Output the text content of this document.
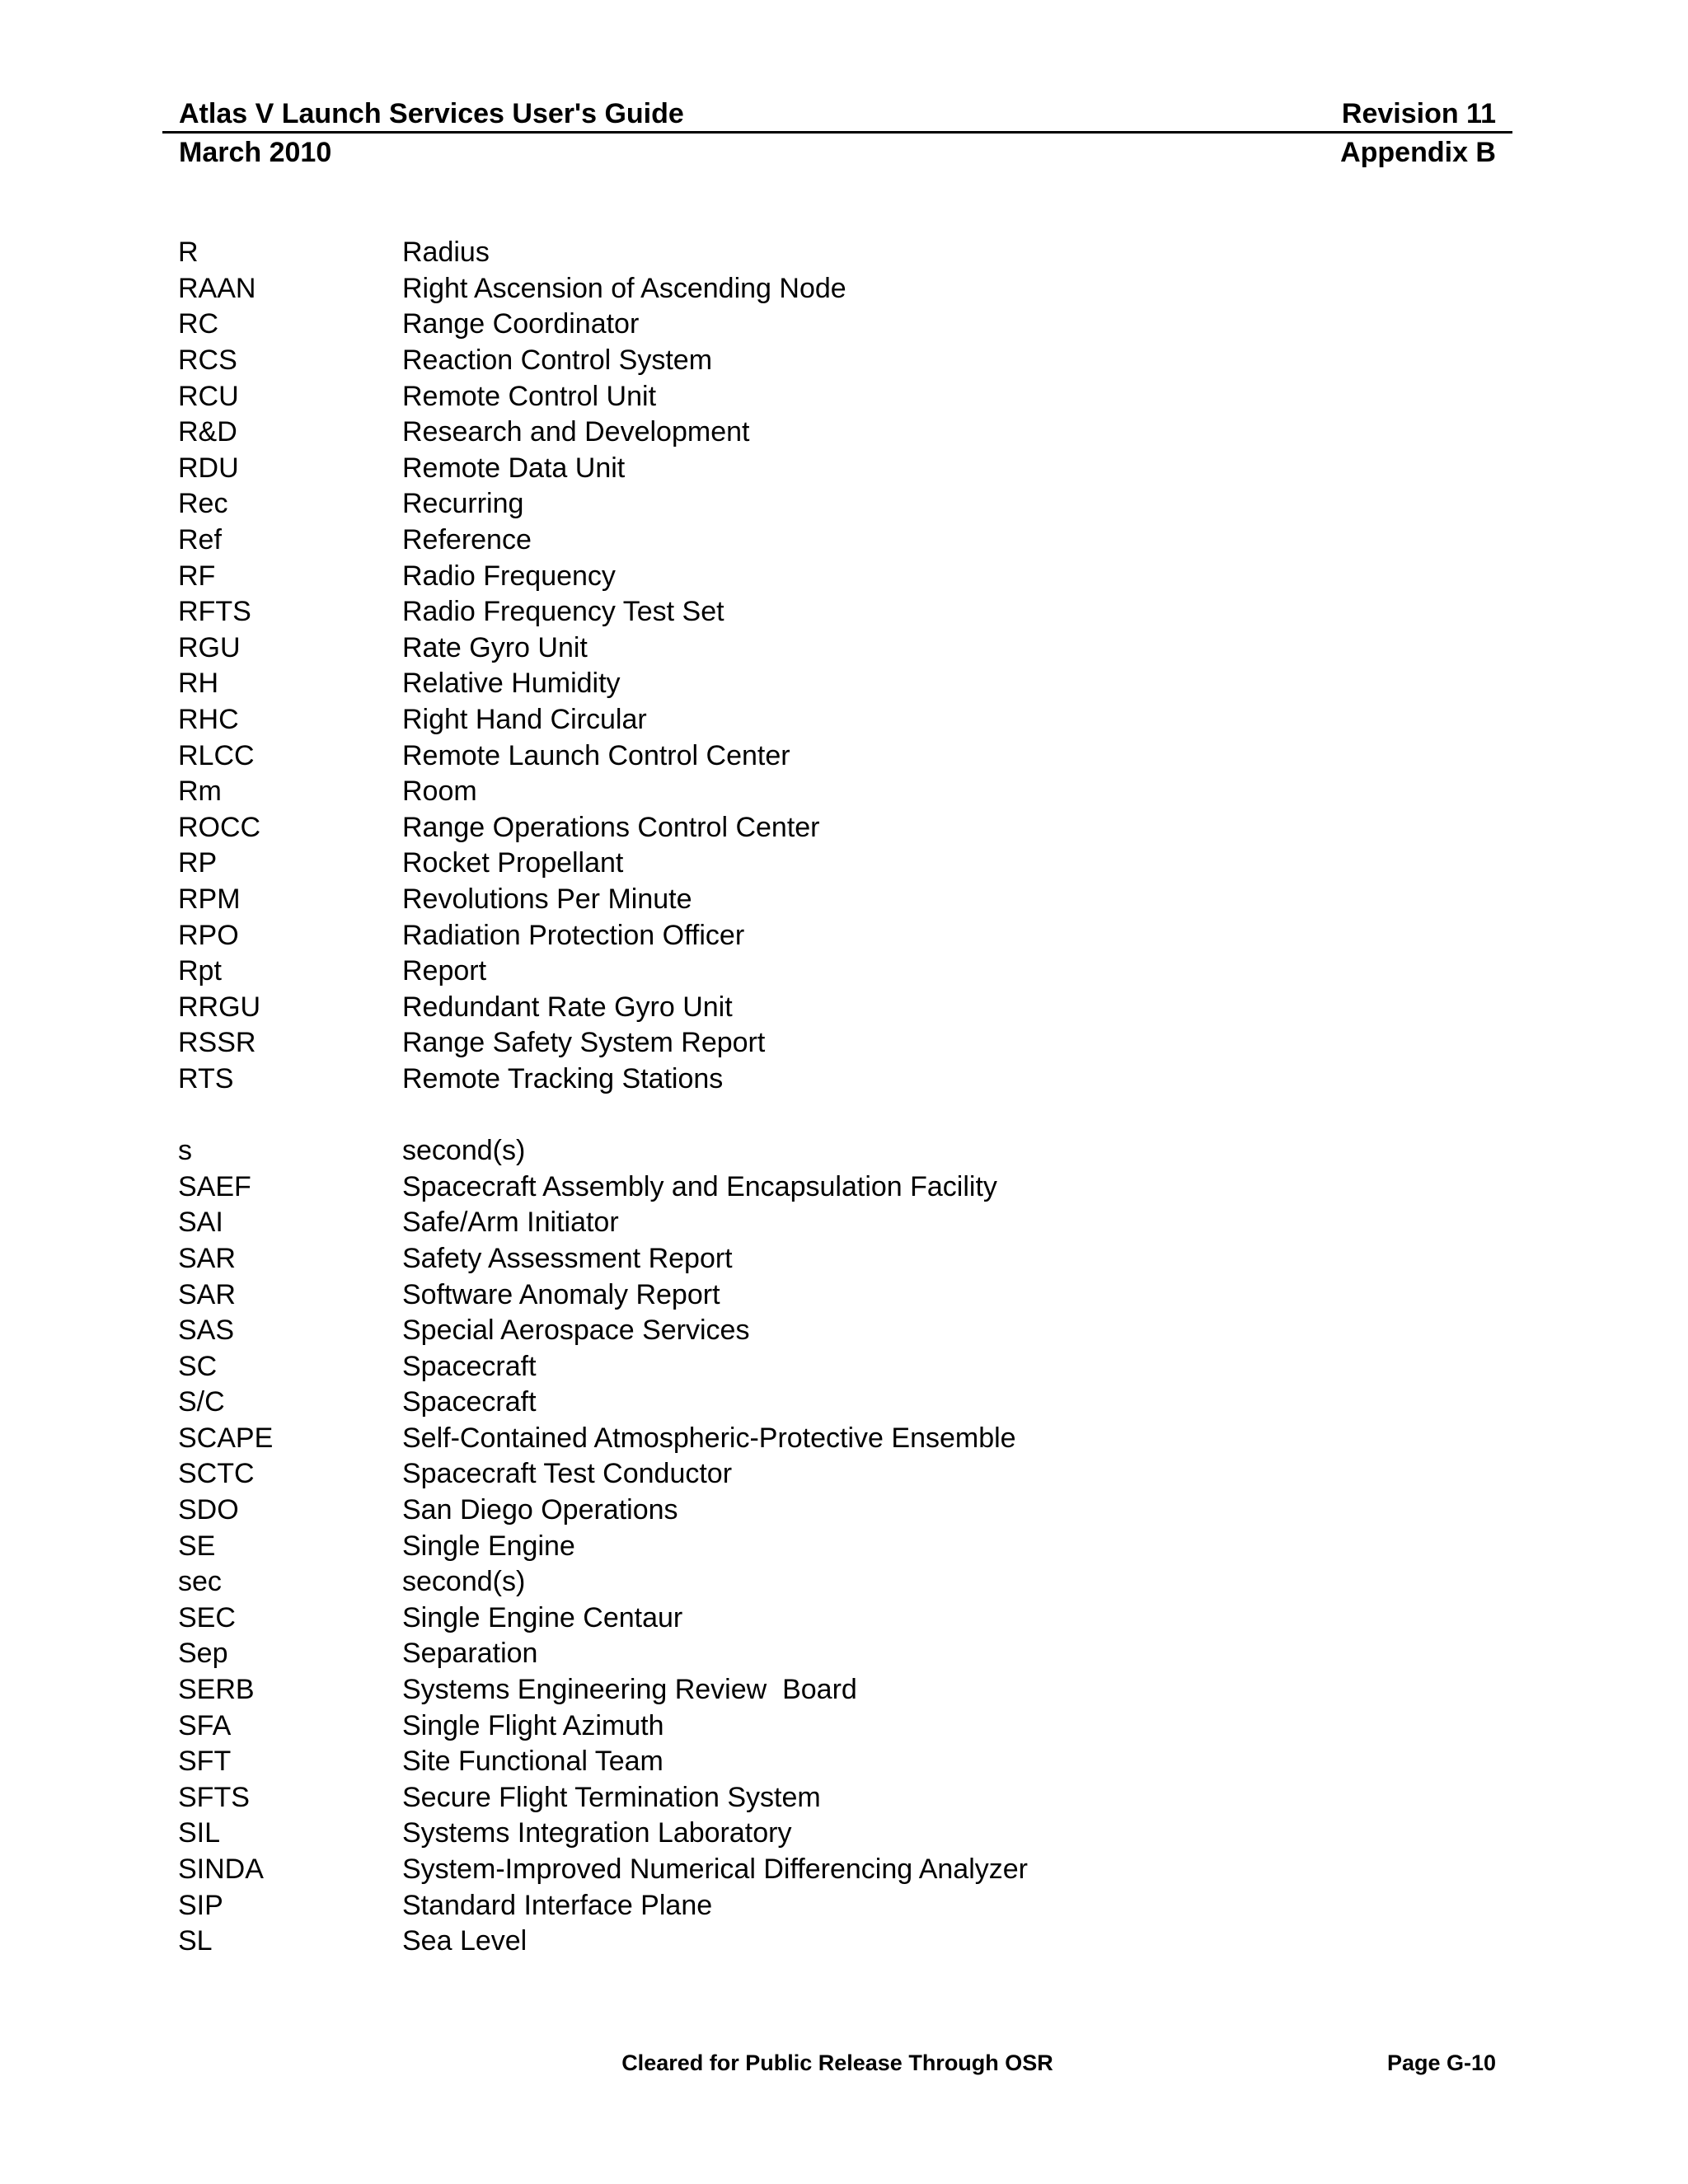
Atlas V Launch Services User's Guide	Revision 11
March 2010	Appendix B
R	Radius
RAAN	Right Ascension of Ascending Node
RC	Range Coordinator
RCS	Reaction Control System
RCU	Remote Control Unit
R&D	Research and Development
RDU	Remote Data Unit
Rec	Recurring
Ref	Reference
RF	Radio Frequency
RFTS	Radio Frequency Test Set
RGU	Rate Gyro Unit
RH	Relative Humidity
RHC	Right Hand Circular
RLCC	Remote Launch Control Center
Rm	Room
ROCC	Range Operations Control Center
RP	Rocket Propellant
RPM	Revolutions Per Minute
RPO	Radiation Protection Officer
Rpt	Report
RRGU	Redundant Rate Gyro Unit
RSSR	Range Safety System Report
RTS	Remote Tracking Stations
s	second(s)
SAEF	Spacecraft Assembly and Encapsulation Facility
SAI	Safe/Arm Initiator
SAR	Safety Assessment Report
SAR	Software Anomaly Report
SAS	Special Aerospace Services
SC	Spacecraft
S/C	Spacecraft
SCAPE	Self-Contained Atmospheric-Protective Ensemble
SCTC	Spacecraft Test Conductor
SDO	San Diego Operations
SE	Single Engine
sec	second(s)
SEC	Single Engine Centaur
Sep	Separation
SERB	Systems Engineering Review  Board
SFA	Single Flight Azimuth
SFT	Site Functional Team
SFTS	Secure Flight Termination System
SIL	Systems Integration Laboratory
SINDA	System-Improved Numerical Differencing Analyzer
SIP	Standard Interface Plane
SL	Sea Level
Cleared for Public Release Through OSR	Page G-10
